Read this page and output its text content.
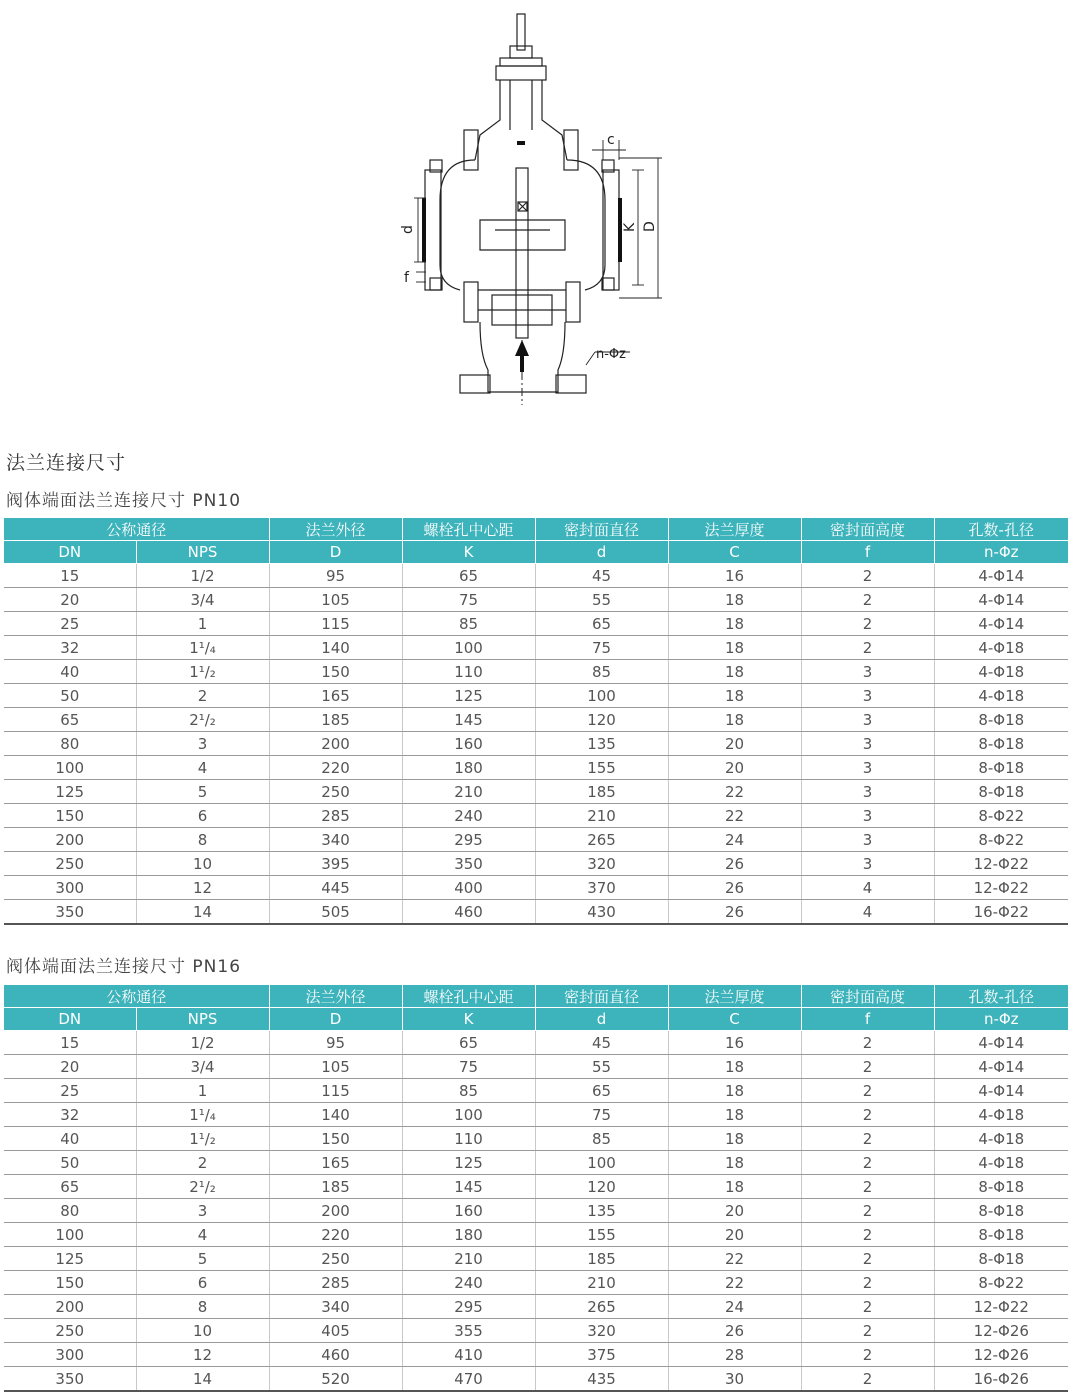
c
d
f
K D
n-Φz
法兰连接尺寸
阀体端面法兰连接尺寸 PN10
公称通径		法兰外径	螺栓孔中心距	密封面直径	法兰厚度	密封面高度	孔数-孔径
DN	NPS	D	K	d	C	f	n-Φz
15	1/2	95	65	45	16	2	4-Φ14
20	3/4	105	75	55	18	2	4-Φ14
25	1	115	85	65	18	2	4-Φ14
32	1¹/₄	140	100	75	18	2	4-Φ18
40	1¹/₂	150	110	85	18	3	4-Φ18
50	2	165	125	100	18	3	4-Φ18
65	2¹/₂	185	145	120	18	3	8-Φ18
80	3	200	160	135	20	3	8-Φ18
100	4	220	180	155	20	3	8-Φ18
125	5	250	210	185	22	3	8-Φ18
150	6	285	240	210	22	3	8-Φ22
200	8	340	295	265	24	3	8-Φ22
250	10	395	350	320	26	3	12-Φ22
300	12	445	400	370	26	4	12-Φ22
350	14	505	460	430	26	4	16-Φ22
阀体端面法兰连接尺寸 PN16
公称通径		法兰外径	螺栓孔中心距	密封面直径	法兰厚度	密封面高度	孔数-孔径
DN	NPS	D	K	d	C	f	n-Φz
15	1/2	95	65	45	16	2	4-Φ14
20	3/4	105	75	55	18	2	4-Φ14
25	1	115	85	65	18	2	4-Φ14
32	1¹/₄	140	100	75	18	2	4-Φ18
40	1¹/₂	150	110	85	18	2	4-Φ18
50	2	165	125	100	18	2	4-Φ18
65	2¹/₂	185	145	120	18	2	8-Φ18
80	3	200	160	135	20	2	8-Φ18
100	4	220	180	155	20	2	8-Φ18
125	5	250	210	185	22	2	8-Φ18
150	6	285	240	210	22	2	8-Φ22
200	8	340	295	265	24	2	12-Φ22
250	10	405	355	320	26	2	12-Φ26
300	12	460	410	375	28	2	12-Φ26
350	14	520	470	435	30	2	16-Φ26
